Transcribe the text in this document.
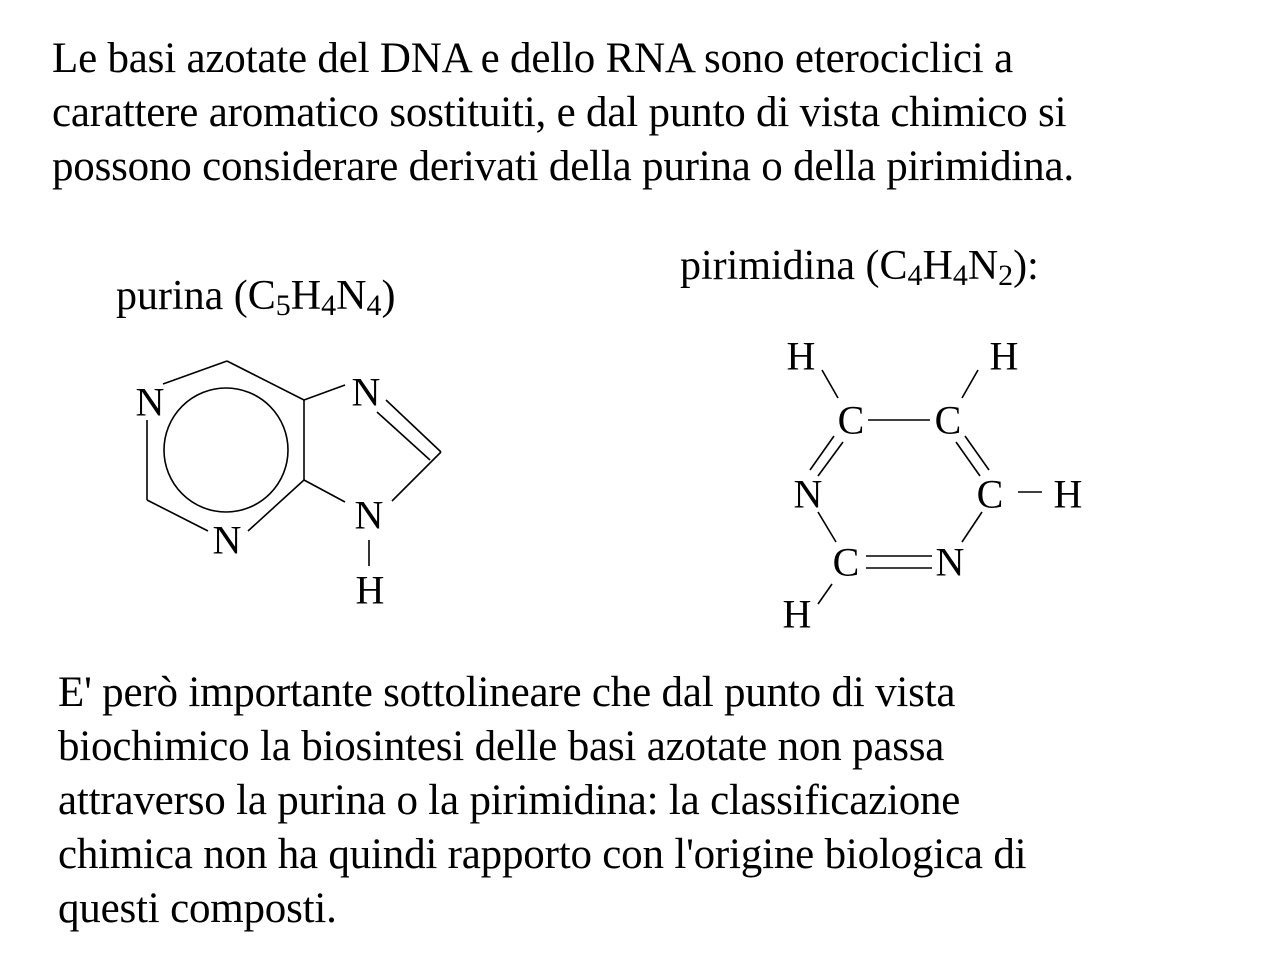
Le basi azotate del DNA e dello RNA sono eterociclici a
carattere aromatico sostituiti, e dal punto di vista chimico si
possono considerare derivati della purina o della pirimidina.
purina $(C_5H_4N_4)$
pirimidina $(C_4H_4N_2)$:
N
N
N
N
H
H	H
C C
N	C H
C N
H
E' però importante sottolineare che dal punto di vista
biochimico la biosintesi delle basi azotate non passa
attraverso la purina o la pirimidina: la classificazione
chimica non ha quindi rapporto con l'origine biologica di
questi composti.
